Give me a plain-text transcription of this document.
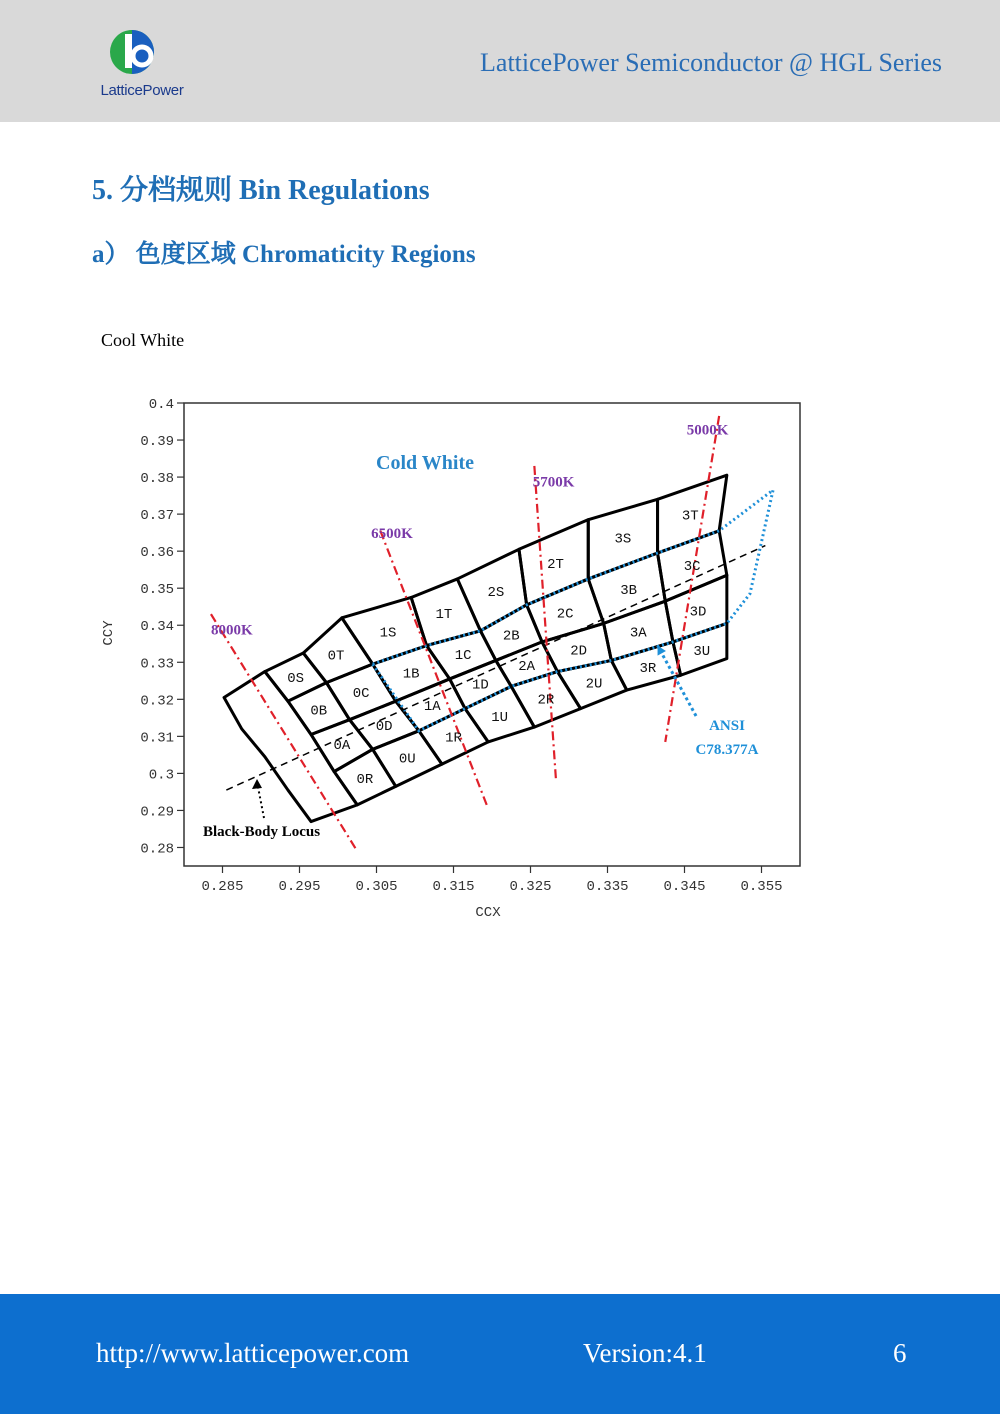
LatticePower
LatticePower Semiconductor @ HGL Series
5. 分档规则 Bin Regulations
a） 色度区域 Chromaticity Regions
Cool White
0.4
0.39
0.38
0.37
0.36
0.35
0.34
0.33
0.32
0.31
0.3
0.29
0.28
0.285 0.295 0.305 0.315 0.325 0.335 0.345 0.355
0S
0T
1S
1T
2S
2T
3S
3T
0B
0C
1B
1C
2B
2C
3B
3C
0A
0D
1A
1D
2A
2D
3A
3D
0R
0U
1R
1U
2R
2U
3R
3U
8000K
6500K
5700K
5000K
Cold White
Black-Body Locus
ANSI
C78.377A
CCX
CCY
http://www.latticepower.com	Version:4.1	6
